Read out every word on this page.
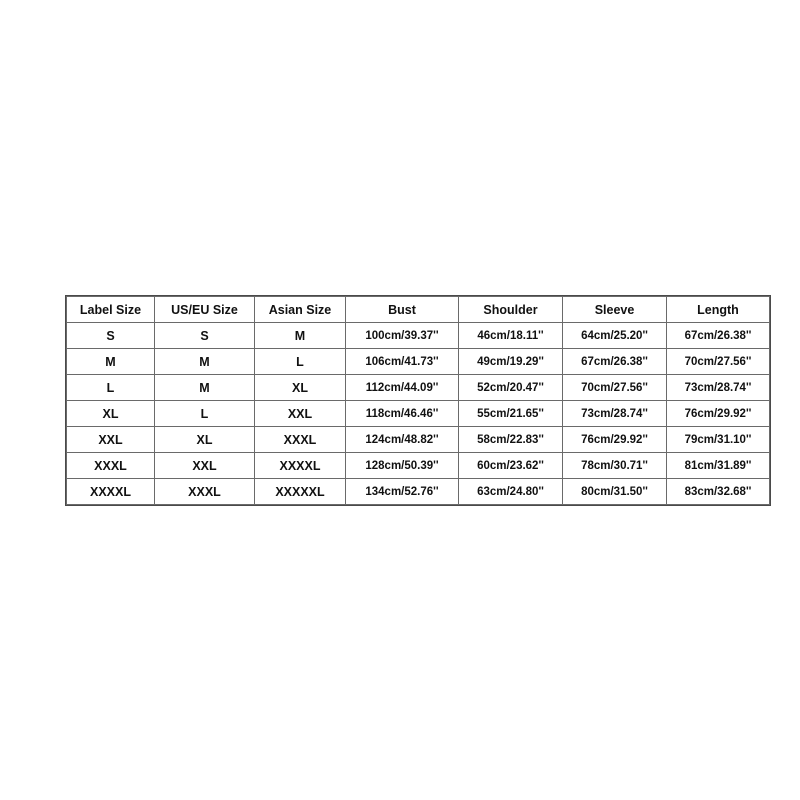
Label Size	US/EU Size	Asian Size	Bust	Shoulder	Sleeve	Length
S	S	M	100cm/39.37''	46cm/18.11''	64cm/25.20''	67cm/26.38''
M	M	L	106cm/41.73''	49cm/19.29''	67cm/26.38''	70cm/27.56''
L	M	XL	112cm/44.09''	52cm/20.47''	70cm/27.56''	73cm/28.74''
XL	L	XXL	118cm/46.46''	55cm/21.65''	73cm/28.74''	76cm/29.92''
XXL	XL	XXXL	124cm/48.82''	58cm/22.83''	76cm/29.92''	79cm/31.10''
XXXL	XXL	XXXXL	128cm/50.39''	60cm/23.62''	78cm/30.71''	81cm/31.89''
XXXXL	XXXL	XXXXXL	134cm/52.76''	63cm/24.80''	80cm/31.50''	83cm/32.68''
